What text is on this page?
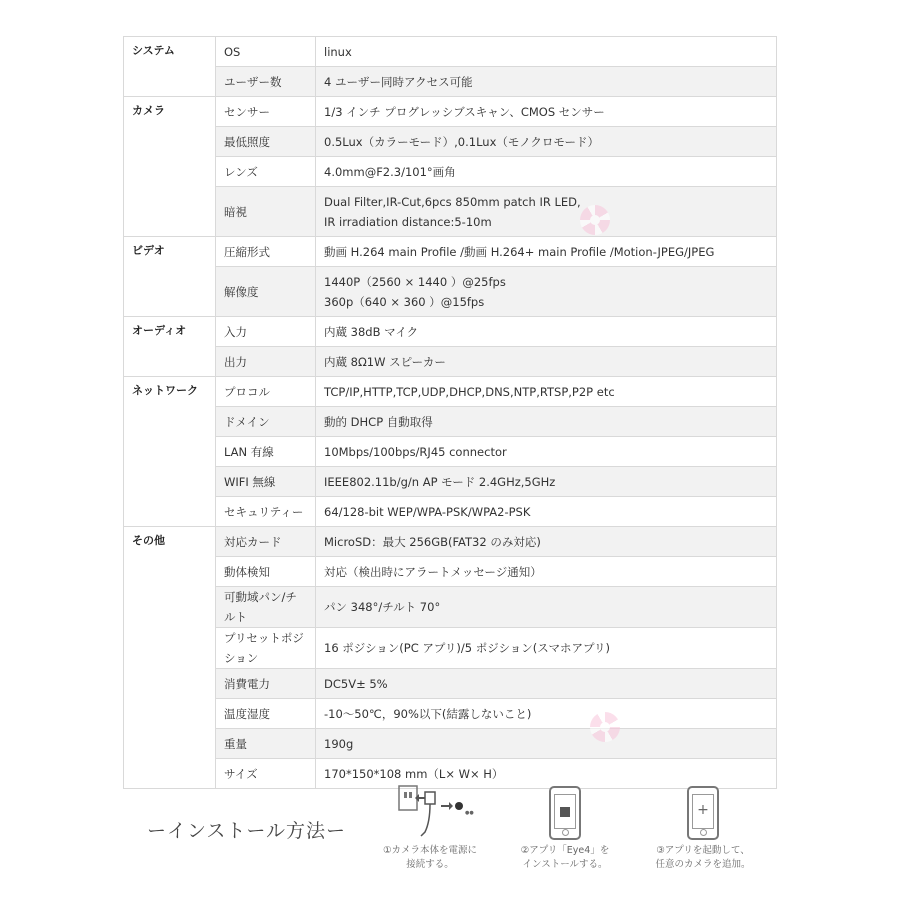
システム	OS	linux

	ユーザー数	4 ユーザー同時アクセス可能

カメラ	センサー	1/3 インチ プログレッシブスキャン、CMOS センサー

	最低照度	0.5Lux（カラーモード）,0.1Lux（モノクロモード）

	レンズ	4.0mm@F2.3/101°画角

	暗視	Dual Filter,IR-Cut,6pcs 850mm patch IR LED,
IR irradiation distance:5-10m

ビデオ	圧縮形式	動画 H.264 main Profile /動画 H.264+ main Profile /Motion-JPEG/JPEG

	解像度	1440P（2560 × 1440 ）@25fps
360p（640 × 360 ）@15fps

オーディオ	入力	内蔵 38dB マイク

	出力	内蔵 8Ω1W スピーカー

ネットワーク	プロコル	TCP/IP,HTTP,TCP,UDP,DHCP,DNS,NTP,RTSP,P2P etc

	ドメイン	動的 DHCP 自動取得

	LAN 有線	10Mbps/100bps/RJ45 connector

	WIFI 無線	IEEE802.11b/g/n AP モード 2.4GHz,5GHz

	セキュリティー	64/128-bit WEP/WPA-PSK/WPA2-PSK

その他	対応カード	MicroSD：最大 256GB(FAT32 のみ対応)

	動体検知	対応（検出時にアラートメッセージ通知）

	可動域パン/チルト	パン 348°/チルト 70°

	プリセットポジション	16 ポジション(PC アプリ)/5 ポジション(スマホアプリ)

	消費電力	DC5V± 5%

	温度湿度	-10～50℃，90%以下(結露しないこと)

	重量	190g

	サイズ	170*150*108 mm（L× W× H）
ーインストール方法ー
●●
①カメラ本体を電源に
接続する。
②アプリ「Eye4」を
インストールする。
+
③アプリを起動して、
任意のカメラを追加。
